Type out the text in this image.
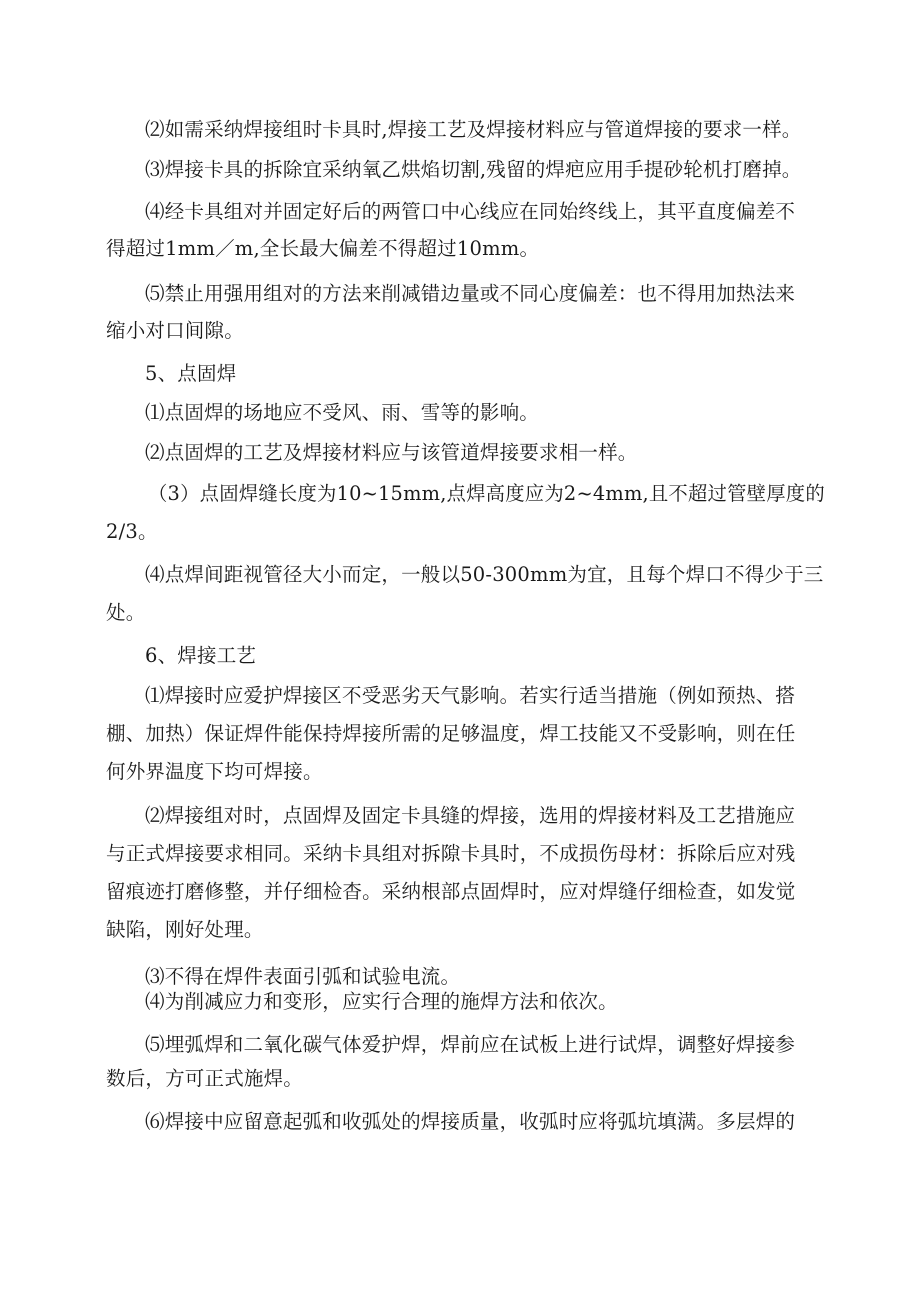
⑵如需采纳焊接组时卡具时,焊接工艺及焊接材料应与管道焊接的要求一样。
⑶焊接卡具的拆除宜采纳氧乙烘焰切割,残留的焊疤应用手提砂轮机打磨掉。
⑷经卡具组对并固定好后的两管口中心线应在同始终线上，其平直度偏差不
得超过1mm／m,全长最大偏差不得超过10mm。
⑸禁止用强用组对的方法来削减错边量或不同心度偏差：也不得用加热法来
缩小对口间隙。
5、点固焊
⑴点固焊的场地应不受风、雨、雪等的影响。
⑵点固焊的工艺及焊接材料应与该管道焊接要求相一样。
（3）点固焊缝长度为10~15mm,点焊高度应为2~4mm,且不超过管壁厚度的
2/3。
⑷点焊间距视管径大小而定，一般以50-300mm为宜，且每个焊口不得少于三
处。
6、焊接工艺
⑴焊接时应爱护焊接区不受恶劣天气影响。若实行适当措施（例如预热、搭
棚、加热）保证焊件能保持焊接所需的足够温度，焊工技能又不受影响，则在任
何外界温度下均可焊接。
⑵焊接组对时，点固焊及固定卡具缝的焊接，选用的焊接材料及工艺措施应
与正式焊接要求相同。采纳卡具组对拆隙卡具时，不成损伤母材：拆除后应对残
留痕迹打磨修整，并仔细检杳。采纳根部点固焊时，应对焊缝仔细检查，如发觉
缺陷，刚好处理。
⑶不得在焊件表面引弧和试验电流。
⑷为削减应力和变形，应实行合理的施焊方法和依次。
⑸埋弧焊和二氧化碳气体爱护焊，焊前应在试板上进行试焊，调整好焊接参
数后，方可正式施焊。
⑹焊接中应留意起弧和收弧处的焊接质量，收弧时应将弧坑填满。多层焊的
